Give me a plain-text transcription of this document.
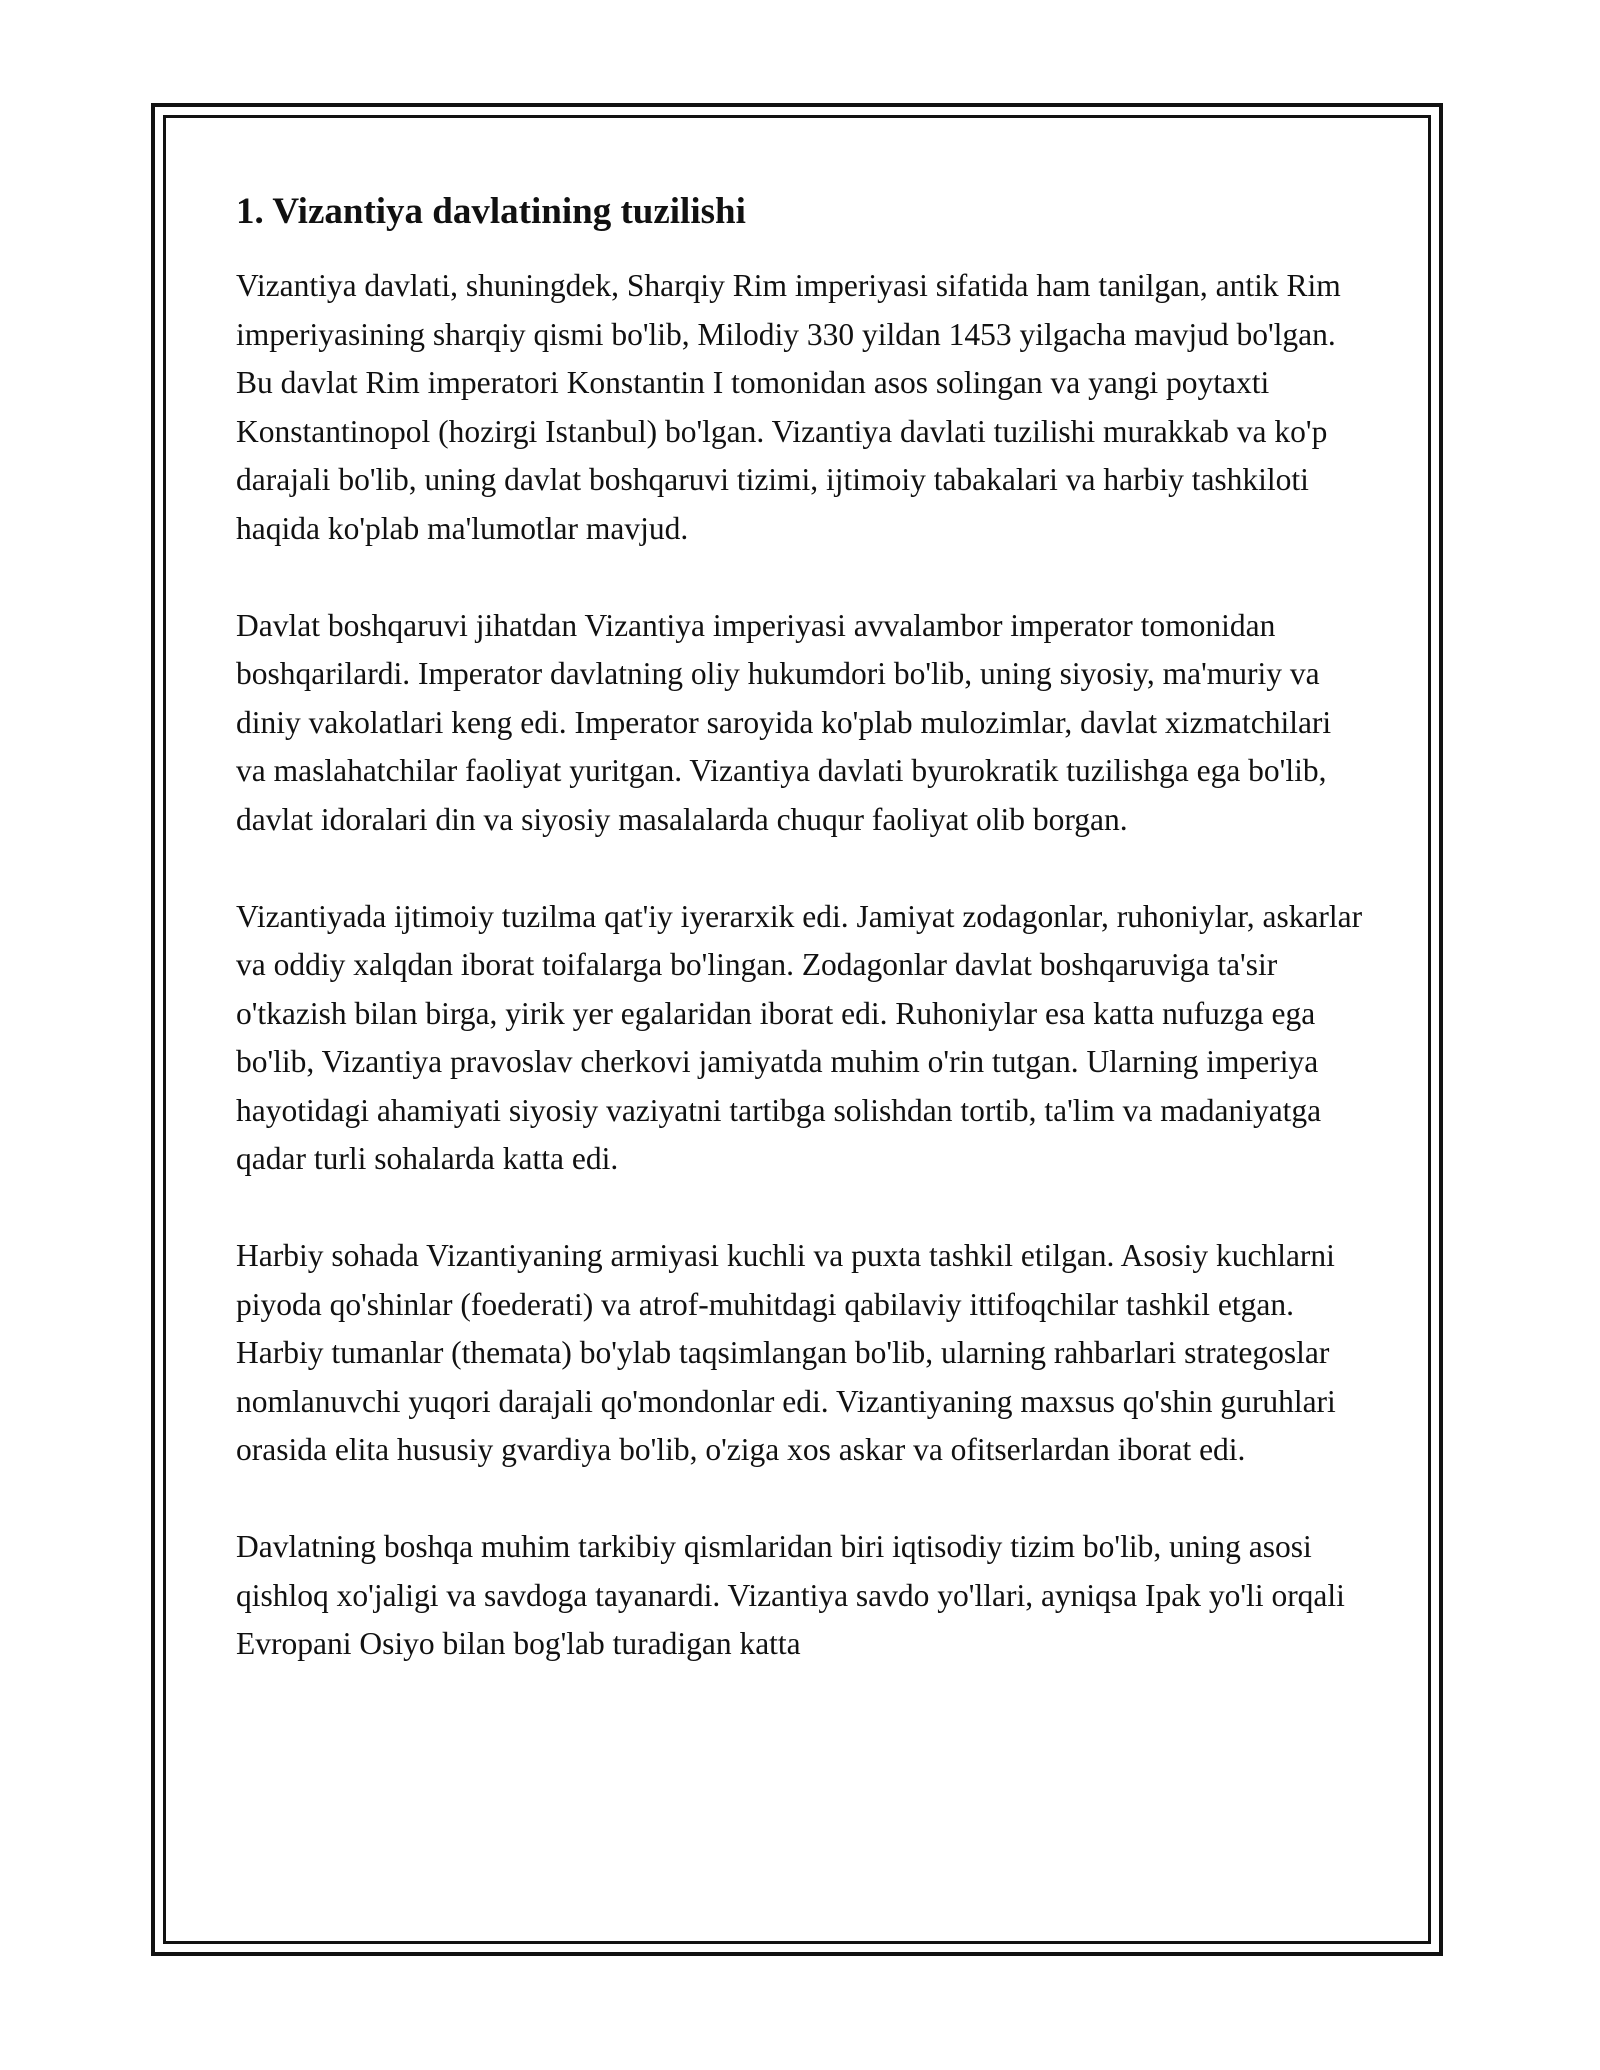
1. Vizantiya davlatining tuzilishi

Vizantiya davlati, shuningdek, Sharqiy Rim imperiyasi sifatida ham tanilgan, antik Rim imperiyasining sharqiy qismi bo'lib, Milodiy 330 yildan 1453 yilgacha mavjud bo'lgan. Bu davlat Rim imperatori Konstantin I tomonidan asos solingan va yangi poytaxti Konstantinopol (hozirgi Istanbul) bo'lgan. Vizantiya davlati tuzilishi murakkab va ko'p darajali bo'lib, uning davlat boshqaruvi tizimi, ijtimoiy tabakalari va harbiy tashkiloti haqida ko'plab ma'lumotlar mavjud.

Davlat boshqaruvi jihatdan Vizantiya imperiyasi avvalambor imperator tomonidan boshqarilardi. Imperator davlatning oliy hukumdori bo'lib, uning siyosiy, ma'muriy va diniy vakolatlari keng edi. Imperator saroyida ko'plab mulozimlar, davlat xizmatchilari va maslahatchilar faoliyat yuritgan. Vizantiya davlati byurokratik tuzilishga ega bo'lib, davlat idoralari din va siyosiy masalalarda chuqur faoliyat olib borgan.

Vizantiyada ijtimoiy tuzilma qat'iy iyerarxik edi. Jamiyat zodagonlar, ruhoniylar, askarlar va oddiy xalqdan iborat toifalarga bo'lingan. Zodagonlar davlat boshqaruviga ta'sir o'tkazish bilan birga, yirik yer egalaridan iborat edi. Ruhoniylar esa katta nufuzga ega bo'lib, Vizantiya pravoslav cherkovi jamiyatda muhim o'rin tutgan. Ularning imperiya hayotidagi ahamiyati siyosiy vaziyatni tartibga solishdan tortib, ta'lim va madaniyatga qadar turli sohalarda katta edi.

Harbiy sohada Vizantiyaning armiyasi kuchli va puxta tashkil etilgan. Asosiy kuchlarni piyoda qo'shinlar (foederati) va atrof-muhitdagi qabilaviy ittifoqchilar tashkil etgan. Harbiy tumanlar (themata) bo'ylab taqsimlangan bo'lib, ularning rahbarlari strategoslar nomlanuvchi yuqori darajali qo'mondonlar edi. Vizantiyaning maxsus qo'shin guruhlari orasida elita hususiy gvardiya bo'lib, o'ziga xos askar va ofitserlardan iborat edi.

Davlatning boshqa muhim tarkibiy qismlaridan biri iqtisodiy tizim bo'lib, uning asosi qishloq xo'jaligi va savdoga tayanardi. Vizantiya savdo yo'llari, ayniqsa Ipak yo'li orqali Evropani Osiyo bilan bog'lab turadigan katta
